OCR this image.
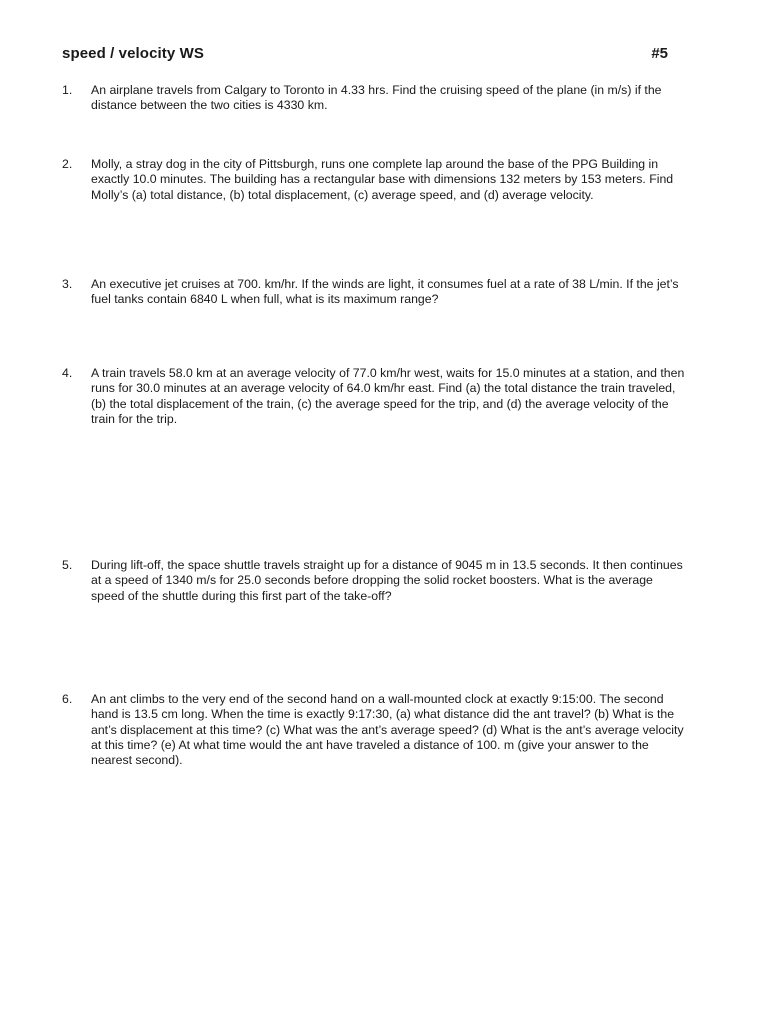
speed / velocity WS	#5
1. An airplane travels from Calgary to Toronto in 4.33 hrs. Find the cruising speed of the plane (in m/s) if the
distance between the two cities is 4330 km.
2. Molly, a stray dog in the city of Pittsburgh, runs one complete lap around the base of the PPG Building in
exactly 10.0 minutes. The building has a rectangular base with dimensions 132 meters by 153 meters. Find
Molly’s (a) total distance, (b) total displacement, (c) average speed, and (d) average velocity.
3. An executive jet cruises at 700. km/hr. If the winds are light, it consumes fuel at a rate of 38 L/min. If the jet’s
fuel tanks contain 6840 L when full, what is its maximum range?
4. A train travels 58.0 km at an average velocity of 77.0 km/hr west, waits for 15.0 minutes at a station, and then
runs for 30.0 minutes at an average velocity of 64.0 km/hr east. Find (a) the total distance the train traveled,
(b) the total displacement of the train, (c) the average speed for the trip, and (d) the average velocity of the
train for the trip.
5. During lift-off, the space shuttle travels straight up for a distance of 9045 m in 13.5 seconds. It then continues
at a speed of 1340 m/s for 25.0 seconds before dropping the solid rocket boosters. What is the average
speed of the shuttle during this first part of the take-off?
6. An ant climbs to the very end of the second hand on a wall-mounted clock at exactly 9:15:00. The second
hand is 13.5 cm long. When the time is exactly 9:17:30, (a) what distance did the ant travel? (b) What is the
ant’s displacement at this time? (c) What was the ant’s average speed? (d) What is the ant’s average velocity
at this time? (e) At what time would the ant have traveled a distance of 100. m (give your answer to the
nearest second).
